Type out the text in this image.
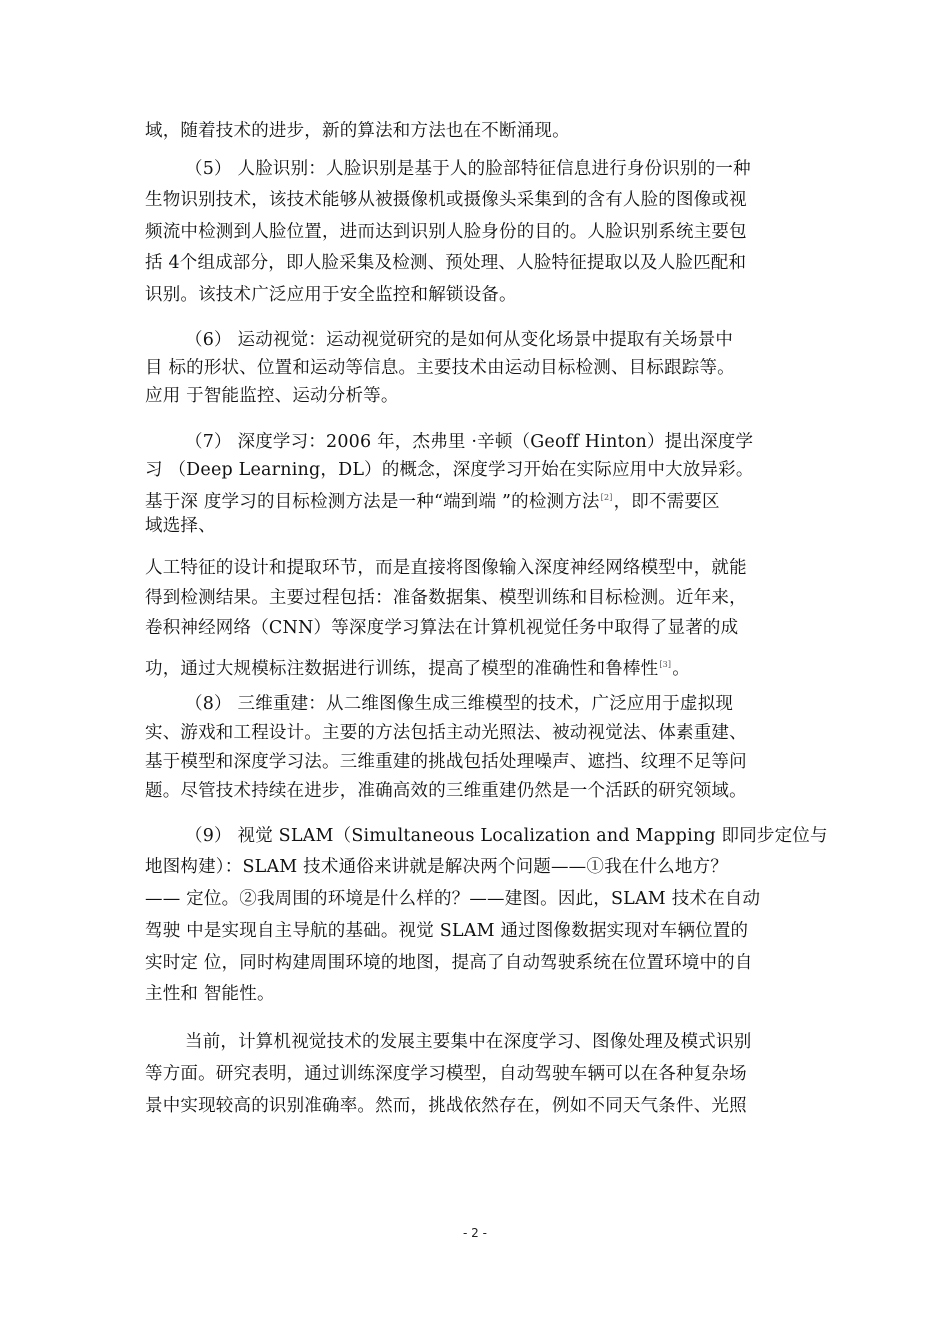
域，随着技术的进步，新的算法和方法也在不断涌现。
（5） 人脸识别：人脸识别是基于人的脸部特征信息进行身份识别的一种
生物识别技术，该技术能够从被摄像机或摄像头采集到的含有人脸的图像或视
频流中检测到人脸位置，进而达到识别人脸身份的目的。人脸识别系统主要包
括 4个组成部分，即人脸采集及检测、预处理、人脸特征提取以及人脸匹配和
识别。该技术广泛应用于安全监控和解锁设备。
（6） 运动视觉：运动视觉研究的是如何从变化场景中提取有关场景中
目 标的形状、位置和运动等信息。主要技术由运动目标检测、目标跟踪等。
应用 于智能监控、运动分析等。
（7） 深度学习：2006 年，杰弗里 ·辛顿（Geoff Hinton）提出深度学
习 （Deep Learning，DL）的概念，深度学习开始在实际应用中大放异彩。
基于深 度学习的目标检测方法是一种“端到端 ”的检测方法[2]，即不需要区
域选择、
人工特征的设计和提取环节，而是直接将图像输入深度神经网络模型中，就能
得到检测结果。主要过程包括：准备数据集、模型训练和目标检测。近年来，
卷积神经网络（CNN）等深度学习算法在计算机视觉任务中取得了显著的成
功，通过大规模标注数据进行训练，提高了模型的准确性和鲁棒性[3]。
（8） 三维重建：从二维图像生成三维模型的技术，广泛应用于虚拟现
实、游戏和工程设计。主要的方法包括主动光照法、被动视觉法、体素重建、
基于模型和深度学习法。三维重建的挑战包括处理噪声、遮挡、纹理不足等问
题。尽管技术持续在进步，准确高效的三维重建仍然是一个活跃的研究领域。
（9） 视觉 SLAM（Simultaneous Localization and Mapping 即同步定位与
地图构建）：SLAM 技术通俗来讲就是解决两个问题——①我在什么地方？
—— 定位。②我周围的环境是什么样的？——建图。因此，SLAM 技术在自动
驾驶 中是实现自主导航的基础。视觉 SLAM 通过图像数据实现对车辆位置的
实时定 位，同时构建周围环境的地图，提高了自动驾驶系统在位置环境中的自
主性和 智能性。
当前，计算机视觉技术的发展主要集中在深度学习、图像处理及模式识别
等方面。研究表明，通过训练深度学习模型，自动驾驶车辆可以在各种复杂场
景中实现较高的识别准确率。然而，挑战依然存在，例如不同天气条件、光照
- 2 -
